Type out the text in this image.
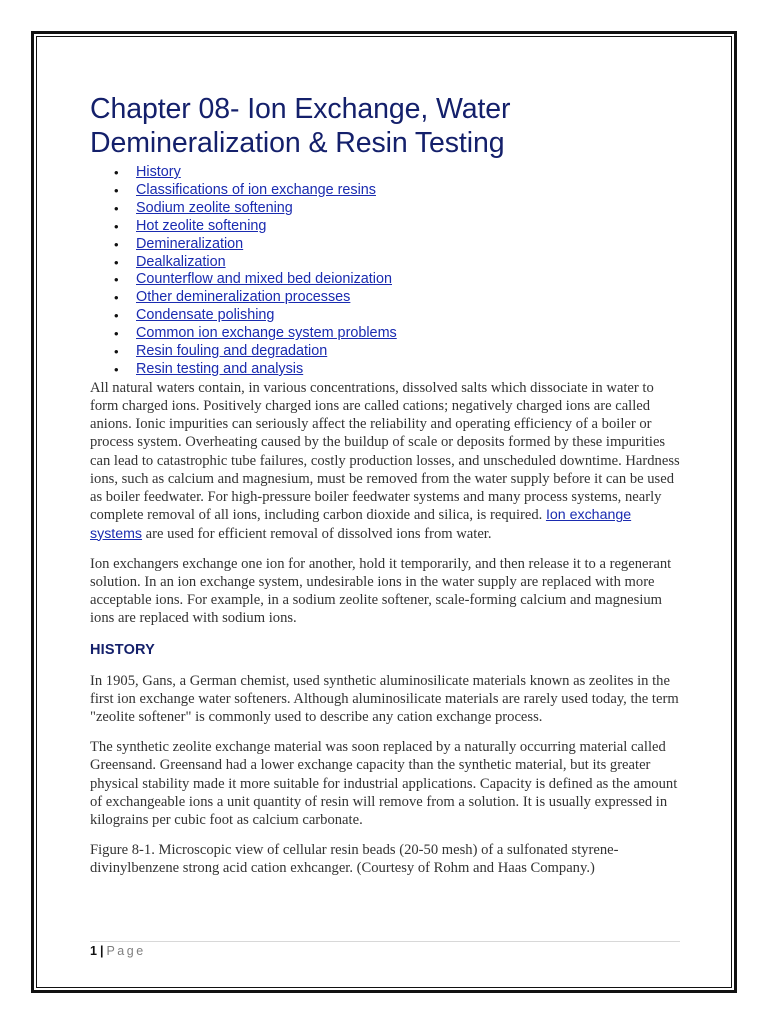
Chapter 08- Ion Exchange, Water Demineralization & Resin Testing
• History
• Classifications of ion exchange resins
• Sodium zeolite softening
• Hot zeolite softening
• Demineralization
• Dealkalization
• Counterflow and mixed bed deionization
• Other demineralization processes
• Condensate polishing
• Common ion exchange system problems
• Resin fouling and degradation
• Resin testing and analysis

All natural waters contain, in various concentrations, dissolved salts which dissociate in water to form charged ions. Positively charged ions are called cations; negatively charged ions are called anions. Ionic impurities can seriously affect the reliability and operating efficiency of a boiler or process system. Overheating caused by the buildup of scale or deposits formed by these impurities can lead to catastrophic tube failures, costly production losses, and unscheduled downtime. Hardness ions, such as calcium and magnesium, must be removed from the water supply before it can be used as boiler feedwater. For high-pressure boiler feedwater systems and many process systems, nearly complete removal of all ions, including carbon dioxide and silica, is required. Ion exchange systems are used for efficient removal of dissolved ions from water.

Ion exchangers exchange one ion for another, hold it temporarily, and then release it to a regenerant solution. In an ion exchange system, undesirable ions in the water supply are replaced with more acceptable ions. For example, in a sodium zeolite softener, scale-forming calcium and magnesium ions are replaced with sodium ions.

HISTORY

In 1905, Gans, a German chemist, used synthetic aluminosilicate materials known as zeolites in the first ion exchange water softeners. Although aluminosilicate materials are rarely used today, the term "zeolite softener" is commonly used to describe any cation exchange process.

The synthetic zeolite exchange material was soon replaced by a naturally occurring material called Greensand. Greensand had a lower exchange capacity than the synthetic material, but its greater physical stability made it more suitable for industrial applications. Capacity is defined as the amount of exchangeable ions a unit quantity of resin will remove from a solution. It is usually expressed in kilograins per cubic foot as calcium carbonate.

Figure 8-1. Microscopic view of cellular resin beads (20-50 mesh) of a sulfonated styrene-divinylbenzene strong acid cation exhcanger. (Courtesy of Rohm and Haas Company.)

1 | Page
